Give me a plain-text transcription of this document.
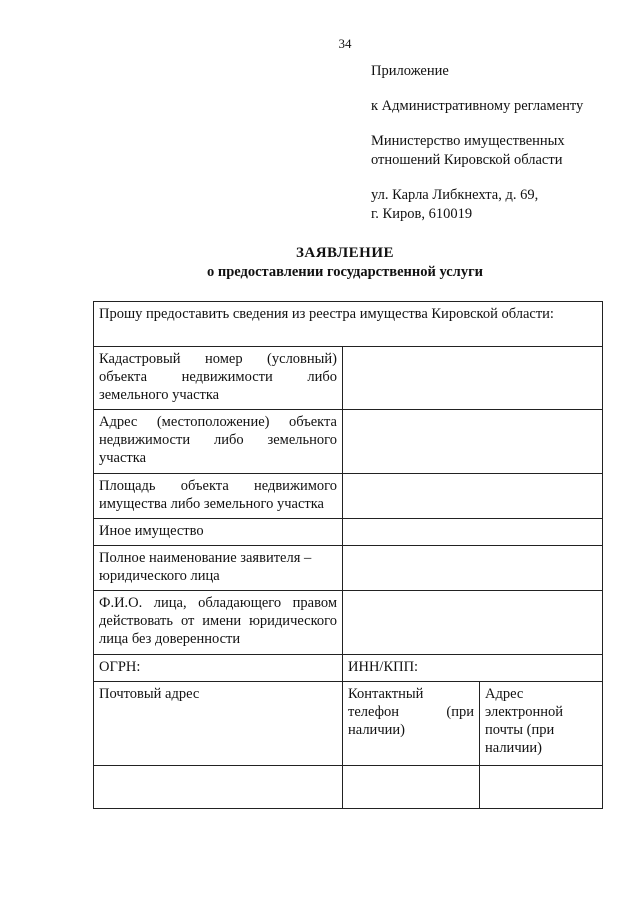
34

Приложение

к Административному регламенту

Министерство имущественных

отношений Кировской области

ул. Карла Либкнехта, д. 69,

г. Киров, 610019

ЗАЯВЛЕНИЕ
о предоставлении государственной услуги
Прошу предоставить сведения из реестра имущества Кировской области:		
Кадастровый номер (условный) объекта недвижимости либо земельного участка		
Адрес (местоположение) объекта недвижимости либо земельного участка		
Площадь объекта недвижимого имущества либо земельного участка		
Иное имущество		
Полное наименование заявителя – юридического лица		
Ф.И.О. лица, обладающего правом действовать от имени юридического лица без доверенности		
ОГРН:	ИНН/КПП:	
Почтовый адрес	Контактный телефон (при наличии)	Адрес электронной почты (при наличии)
